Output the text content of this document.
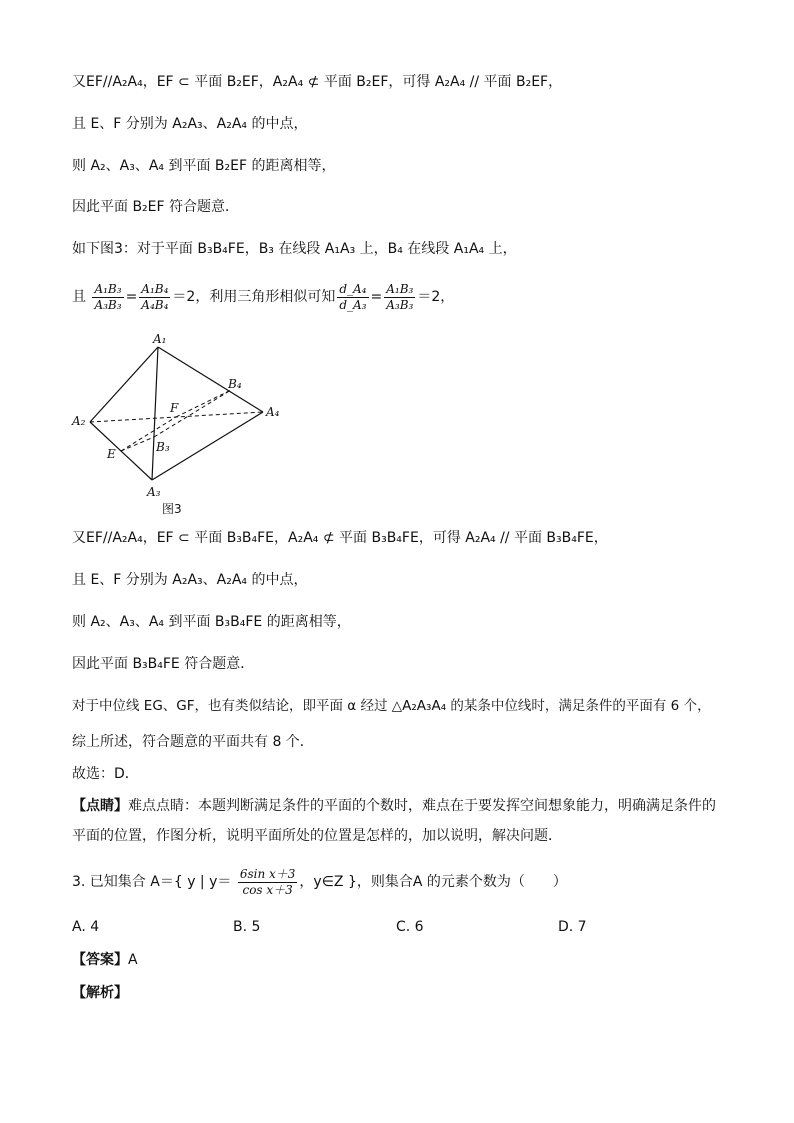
又EF//A₂A₄，EF ⊂ 平面 B₂EF，A₂A₄ ⊄ 平面 B₂EF，可得 A₂A₄ // 平面 B₂EF，
且 E、F 分别为 A₂A₃、A₂A₄ 的中点，
则 A₂、A₃、A₄ 到平面 B₂EF 的距离相等，
因此平面 B₂EF 符合题意．
如下图3：对于平面 B₃B₄FE，B₃ 在线段 A₁A₃ 上，B₄ 在线段 A₁A₄ 上，
且 $\frac{\text{A₁B₃}}{\text{A₃B₃}} = \frac{\text{A₁B₄}}{\text{A₄B₄}} =2$，利用三角形相似可知 $\frac{\text{d\_A₄}}{\text{d\_A₃}} = \frac{\text{A₁B₃}}{\text{A₃B₃}} =2$，
A₁
A₂
A₃
A₄
B₃
B₄
E
F
图3
又EF//A₂A₄，EF ⊂ 平面 B₃B₄FE，A₂A₄ ⊄ 平面 B₃B₄FE，可得 A₂A₄ // 平面 B₃B₄FE，
且 E、F 分别为 A₂A₃、A₂A₄ 的中点，
则 A₂、A₃、A₄ 到平面 B₃B₄FE 的距离相等，
因此平面 B₃B₄FE 符合题意．
对于中位线 EG、GF，也有类似结论，即平面 α 经过 △A₂A₃A₄ 的某条中位线时，满足条件的平面有 6 个，
综上所述，符合题意的平面共有 8 个．
故选：D．
【点睛】难点点睛：本题判断满足条件的平面的个数时，难点在于要发挥空间想象能力，明确满足条件的
平面的位置，作图分析，说明平面所处的位置是怎样的，加以说明，解决问题．
3. 已知集合 A＝{ y | $y= \frac{\text{6sin x＋3}}{\text{cos x＋3}}$ ，y∈Z }，则集合A 的元素个数为（　　）
A. 4	B. 5	C. 6	D. 7
【答案】A
【解析】
